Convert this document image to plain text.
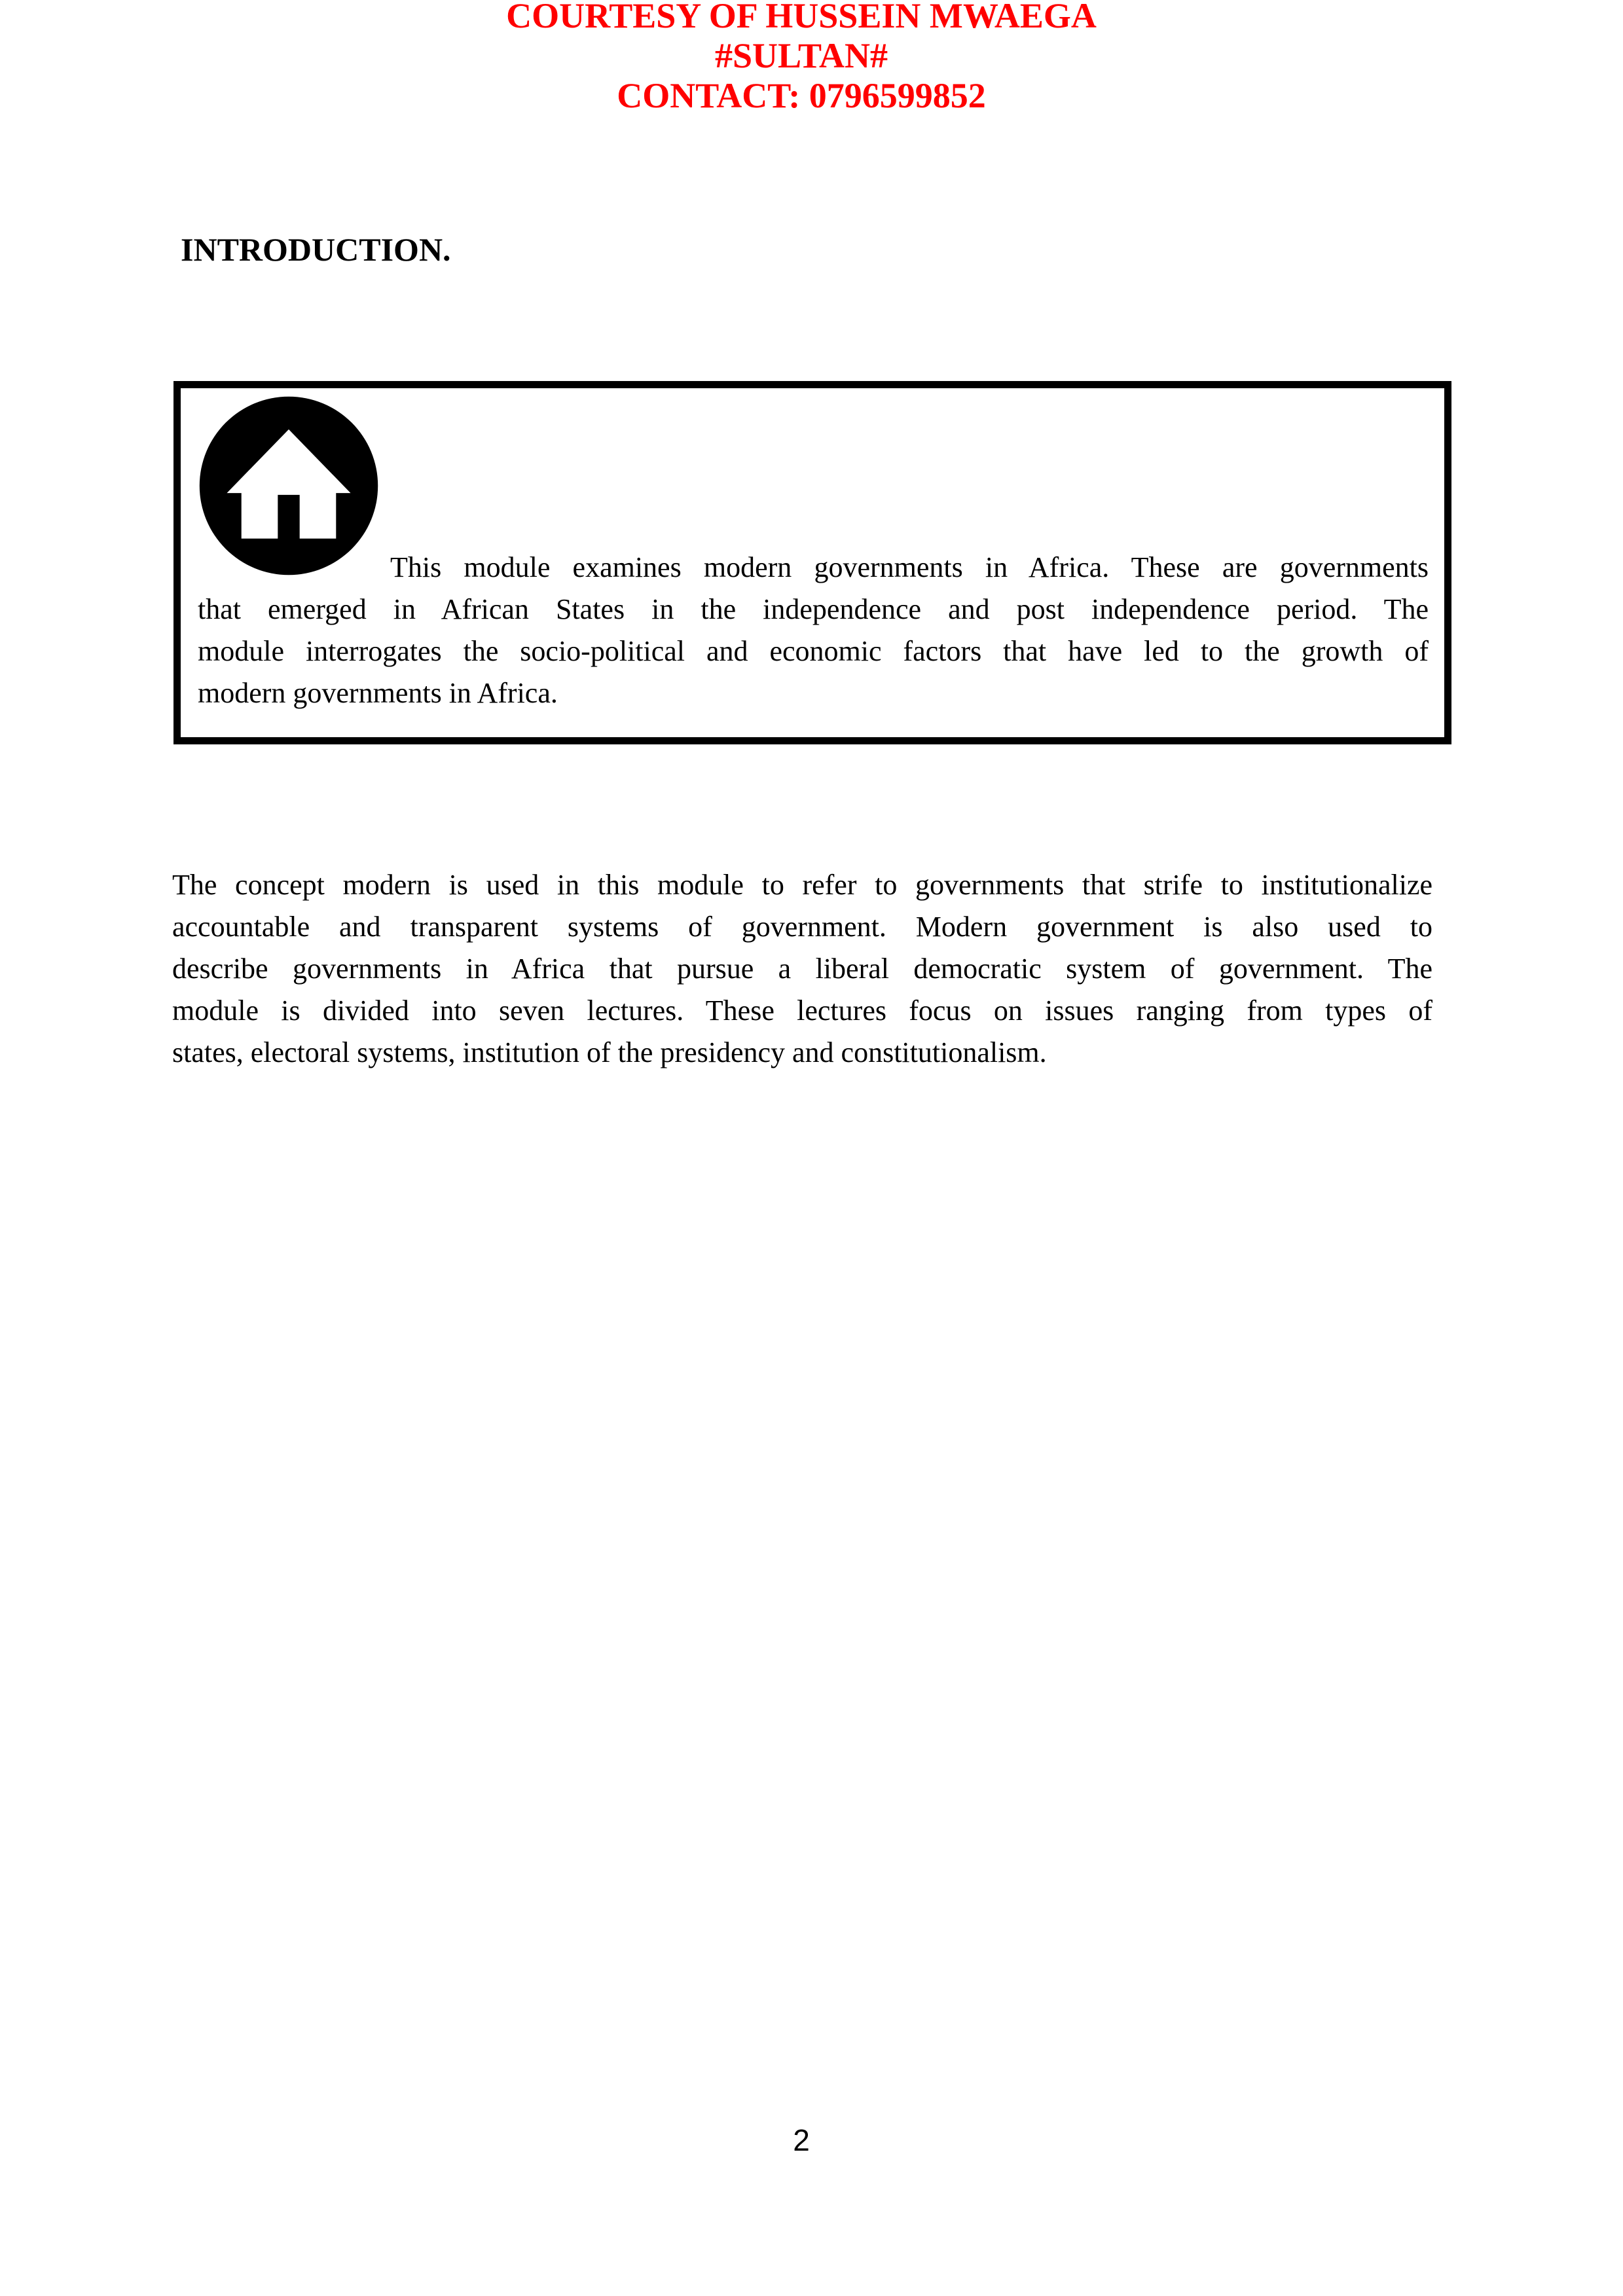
COURTESY OF HUSSEIN MWAEGA
#SULTAN#
CONTACT: 0796599852
INTRODUCTION.
This module examines modern governments in Africa. These are governments
that emerged in African States in the independence and post independence period. The
module interrogates the socio-political and economic factors that have led to the growth of
modern governments in Africa.
The concept modern is used in this module to refer to governments that strife to institutionalize
accountable and transparent systems of government. Modern government is also used to
describe governments in Africa that pursue a liberal democratic system of government. The
module is divided into seven lectures. These lectures focus on issues ranging from types of
states, electoral systems, institution of the presidency and constitutionalism.
2
